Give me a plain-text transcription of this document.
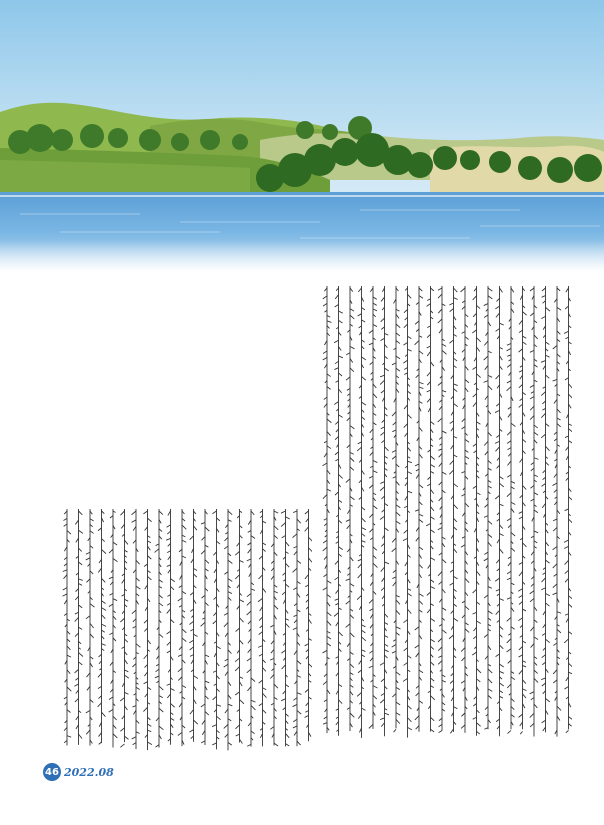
46 2022.08
